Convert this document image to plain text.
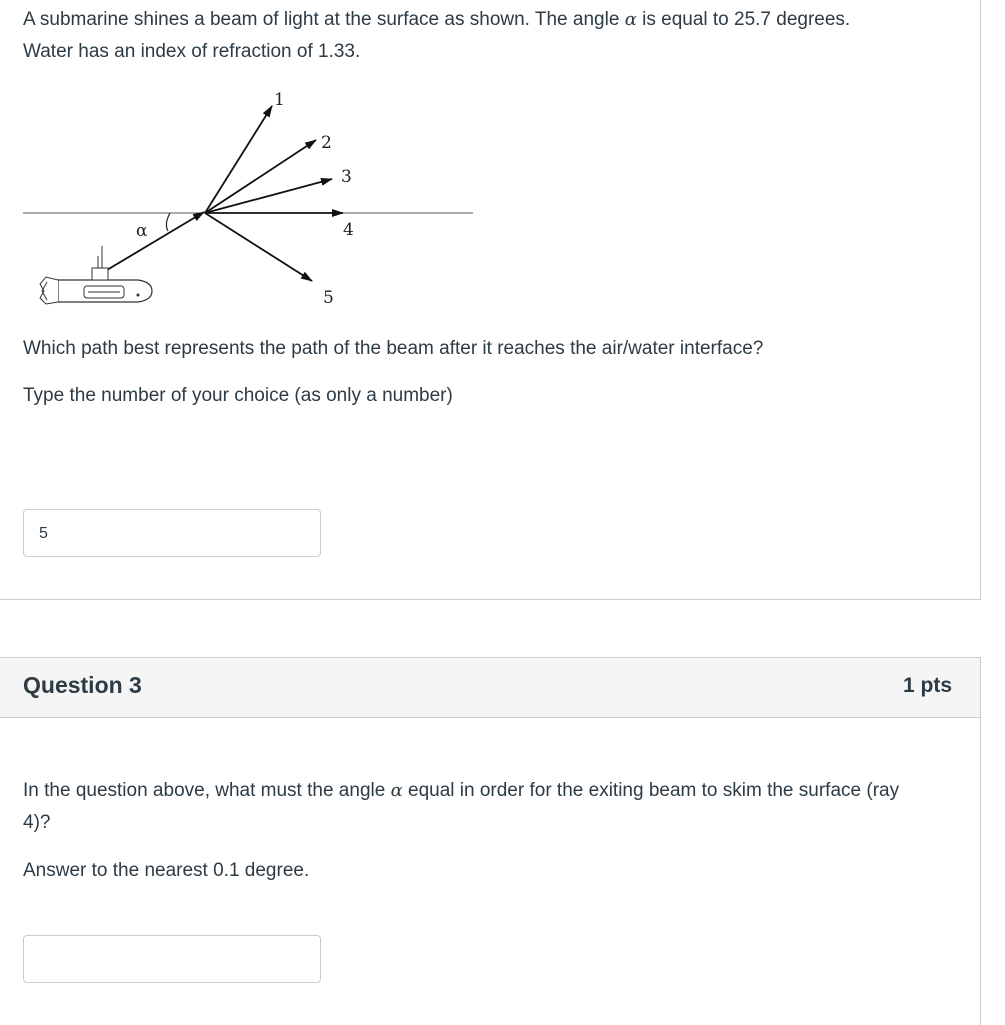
A submarine shines a beam of light at the surface as shown. The angle α is equal to 25.7 degrees.
Water has an index of refraction of 1.33.

1
2
3
4
5
α

Which path best represents the path of the beam after it reaches the air/water interface?

Type the number of your choice (as only a number)

5
Question 3	1 pts

In the question above, what must the angle α equal in order for the exiting beam to skim the surface (ray 4)?

Answer to the nearest 0.1 degree.
